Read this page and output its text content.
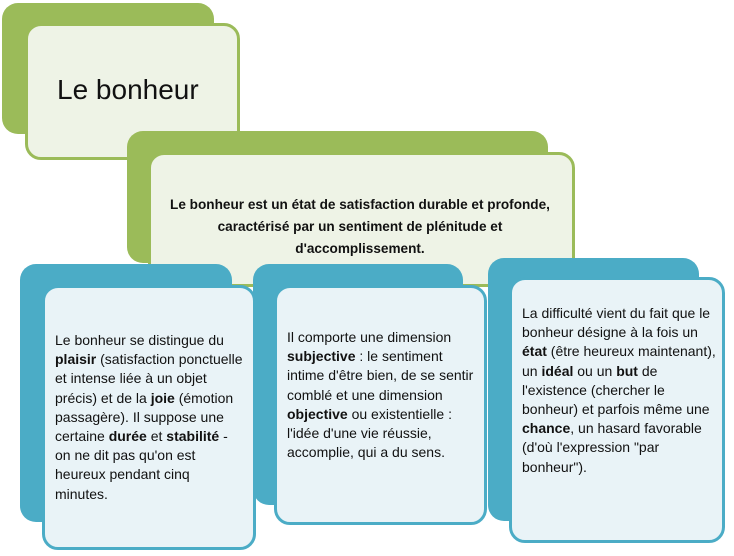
Le bonheur
Le bonheur est un état de satisfaction durable et profonde, caractérisé par un sentiment de plénitude et d'accomplissement.
Le bonheur se distingue du plaisir (satisfaction ponctuelle et intense liée à un objet précis) et de la joie (émotion passagère). Il suppose une certaine durée et stabilité - on ne dit pas qu'on est heureux pendant cinq minutes.
Il comporte une dimension subjective : le sentiment intime d'être bien, de se sentir comblé et une dimension objective ou existentielle : l'idée d'une vie réussie, accomplie, qui a du sens.
La difficulté vient du fait que le bonheur désigne à la fois un état (être heureux maintenant), un idéal ou un but de l'existence (chercher le bonheur) et parfois même une chance, un hasard favorable (d'où l'expression "par bonheur").
